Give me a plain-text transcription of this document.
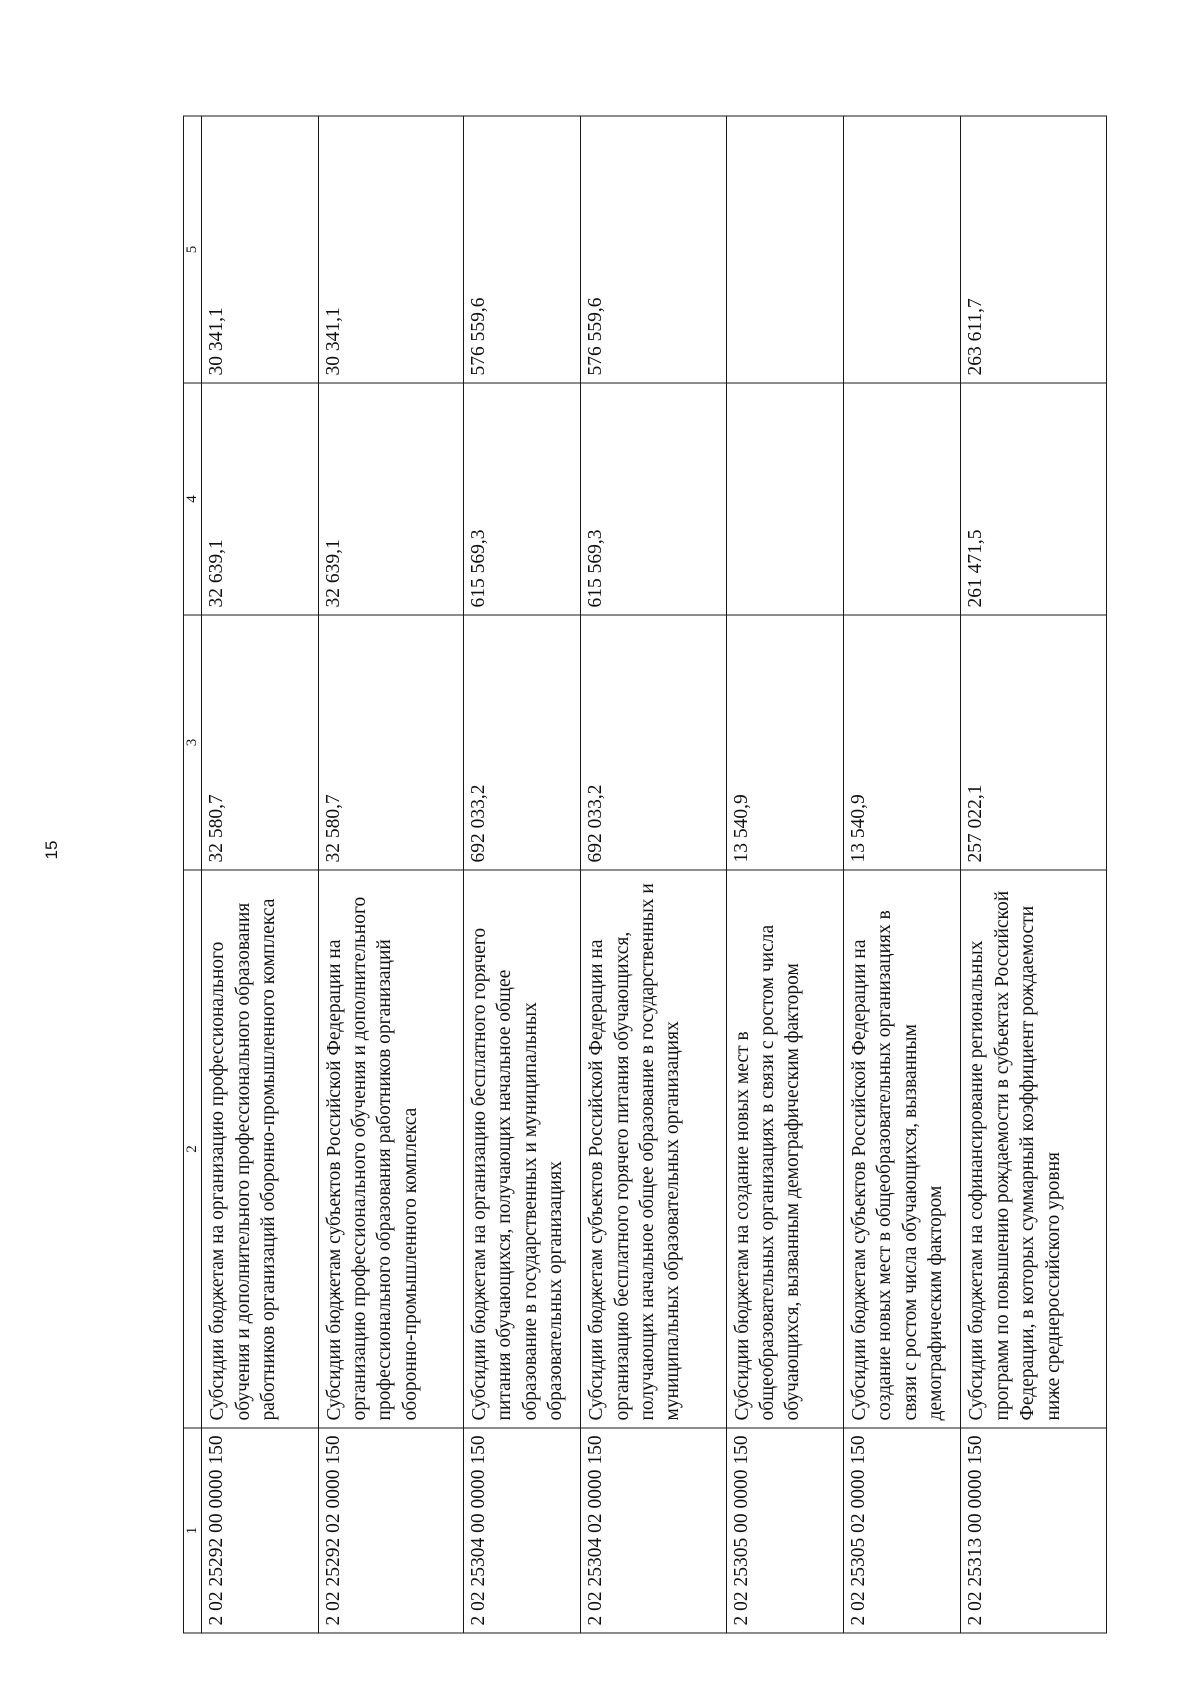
15
1	2	3	4	5
2 02 25292 00 0000 150	Субсидии бюджетам на организацию профессионального обучения и дополнительного профессионального образования работников организаций оборонно-промышленного комплекса	32 580,7	32 639,1	30 341,1
2 02 25292 02 0000 150	Субсидии бюджетам субъектов Российской Федерации на организацию профессионального обучения и дополнительного профессионального образования работников организаций оборонно-промышленного комплекса	32 580,7	32 639,1	30 341,1
2 02 25304 00 0000 150	Субсидии бюджетам на организацию бесплатного горячего питания обучающихся, получающих начальное общее образование в государственных и муниципальных образовательных организациях	692 033,2	615 569,3	576 559,6
2 02 25304 02 0000 150	Субсидии бюджетам субъектов Российской Федерации на организацию бесплатного горячего питания обучающихся, получающих начальное общее образование в государственных и муниципальных образовательных организациях	692 033,2	615 569,3	576 559,6
2 02 25305 00 0000 150	Субсидии бюджетам на создание новых мест в общеобразовательных организациях в связи с ростом числа обучающихся, вызванным демографическим фактором	13 540,9		
2 02 25305 02 0000 150	Субсидии бюджетам субъектов Российской Федерации на создание новых мест в общеобразовательных организациях в связи с ростом числа обучающихся, вызванным демографическим фактором	13 540,9		
2 02 25313 00 0000 150	Субсидии бюджетам на софинансирование региональных программ по повышению рождаемости в субъектах Российской Федерации, в которых суммарный коэффициент рождаемости ниже среднероссийского уровня	257 022,1	261 471,5	263 611,7
